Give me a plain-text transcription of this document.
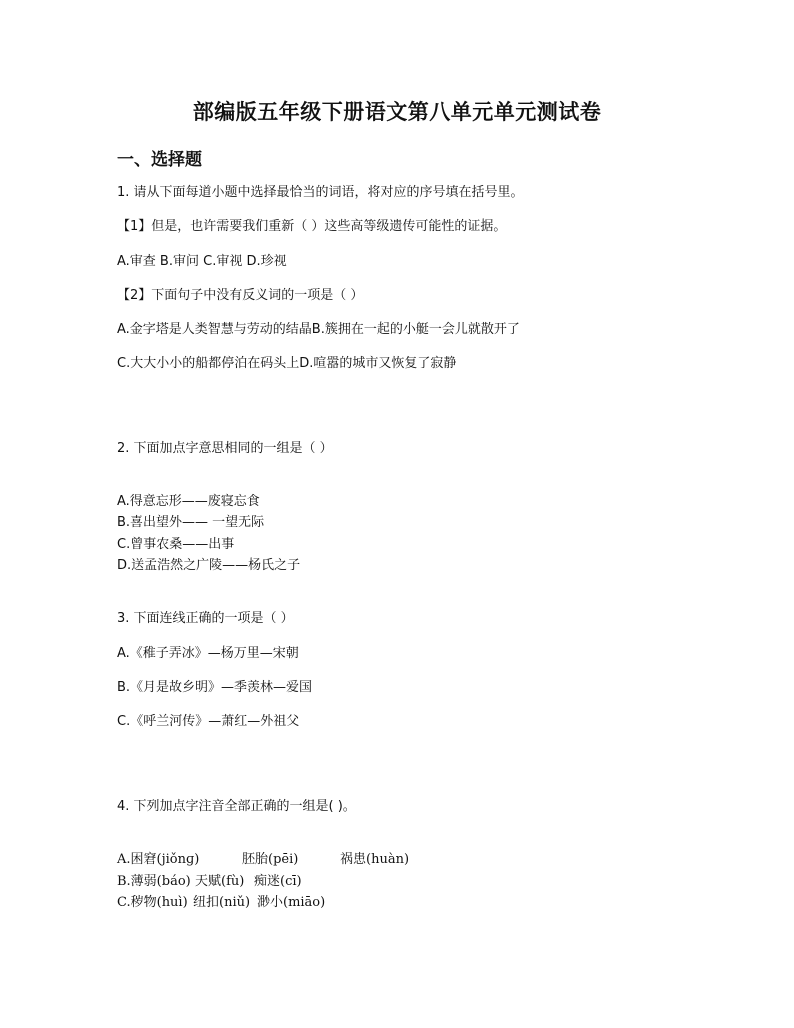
部编版五年级下册语文第八单元单元测试卷
一、选择题
1. 请从下面每道小题中选择最恰当的词语，将对应的序号填在括号里。
【1】但是，也许需要我们重新（ ）这些高等级遗传可能性的证据。
A.审查 B.审问 C.审视 D.珍视
【2】下面句子中没有反义词的一项是（ ）
A.金字塔是人类智慧与劳动的结晶B.簇拥在一起的小艇一会儿就散开了
C.大大小小的船都停泊在码头上D.喧嚣的城市又恢复了寂静
2. 下面加点字意思相同的一组是（ ）
A.得意忘形——废寝忘食
B.喜出望外—— 一望无际
C.曾事农桑——出事
D.送孟浩然之广陵——杨氏之子
3. 下面连线正确的一项是（ ）
A.《稚子弄冰》—杨万里—宋朝
B.《月是故乡明》—季羡林—爱国
C.《呼兰河传》—萧红—外祖父
4. 下列加点字注音全部正确的一组是( )。
A.困窘(jiǒnɡ)	胚胎(pēi)	祸患(huàn)
B.薄弱(báo) 天赋(fù) 痴迷(cī)
C.秽物(huì) 纽扣(niǔ) 渺小(miāo)
